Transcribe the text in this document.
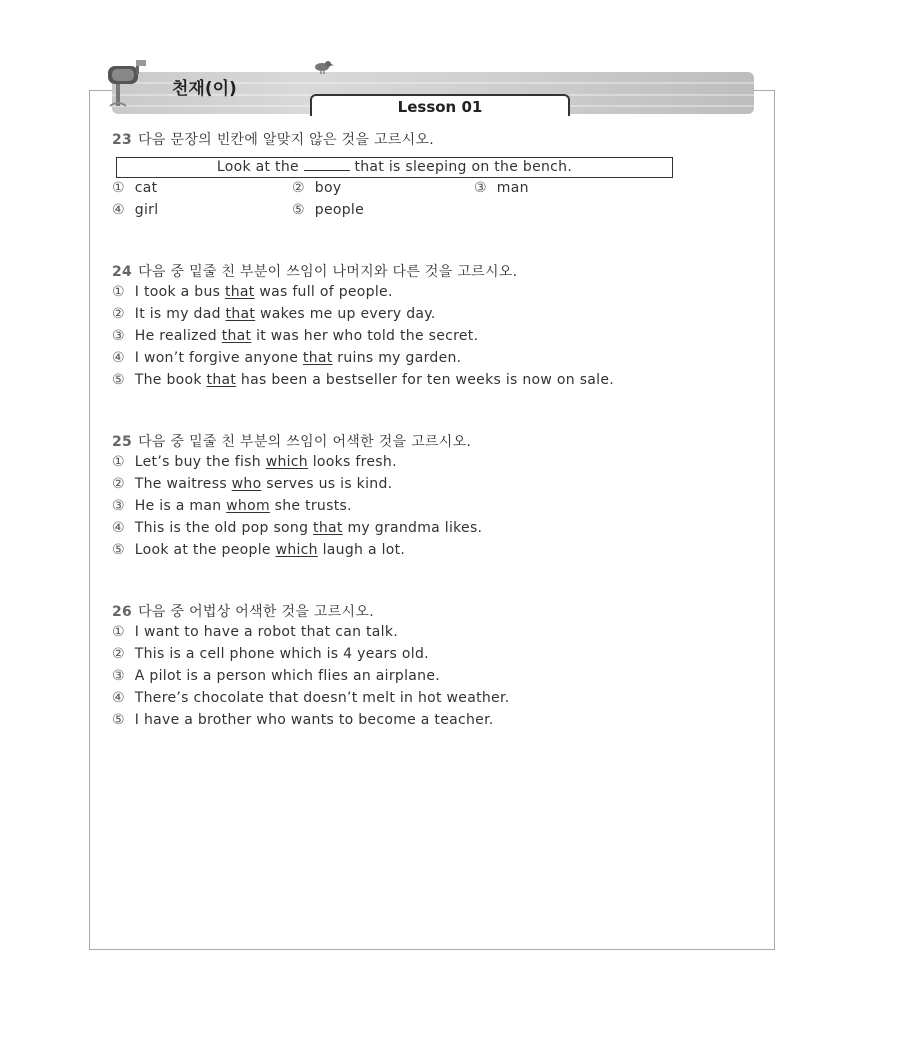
천재(이)
Lesson 01
23 다음 문장의 빈칸에 알맞지 않은 것을 고르시오.
Look at the	that is sleeping on the bench.
① cat	② boy	③ man
④ girl	⑤ people
24 다음 중 밑줄 친 부분이 쓰임이 나머지와 다른 것을 고르시오.
① I took a bus that was full of people.
② It is my dad that wakes me up every day.
③ He realized that it was her who told the secret.
④ I won’t forgive anyone that ruins my garden.
⑤ The book that has been a bestseller for ten weeks is now on sale.
25 다음 중 밑줄 친 부분의 쓰임이 어색한 것을 고르시오.
① Let’s buy the fish which looks fresh.
② The waitress who serves us is kind.
③ He is a man whom she trusts.
④ This is the old pop song that my grandma likes.
⑤ Look at the people which laugh a lot.
26 다음 중 어법상 어색한 것을 고르시오.
① I want to have a robot that can talk.
② This is a cell phone which is 4 years old.
③ A pilot is a person which flies an airplane.
④ There’s chocolate that doesn’t melt in hot weather.
⑤ I have a brother who wants to become a teacher.
